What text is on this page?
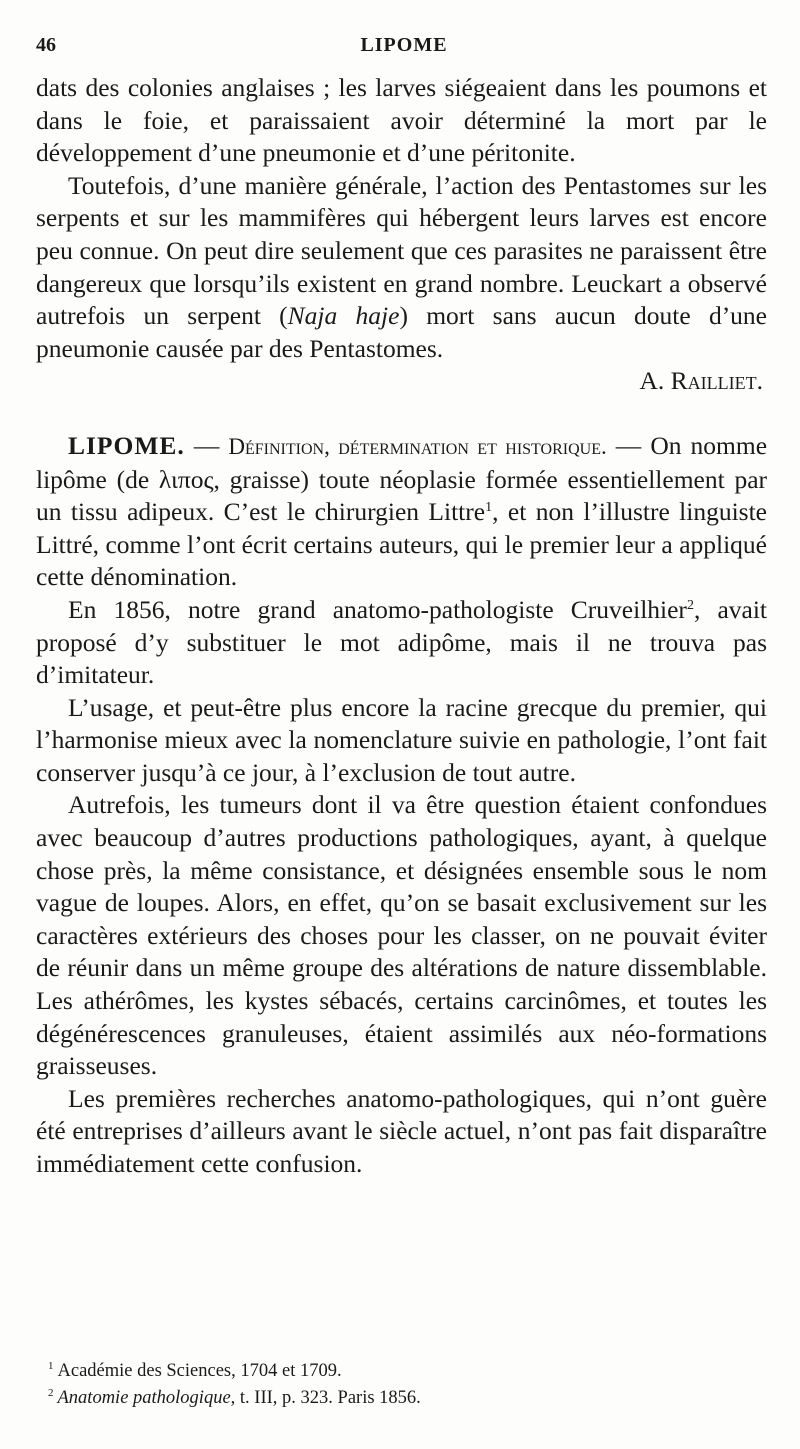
46	LIPOME

dats des colonies anglaises ; les larves siégeaient dans les poumons et dans le foie, et paraissaient avoir déterminé la mort par le développement d’une pneumonie et d’une péritonite.

Toutefois, d’une manière générale, l’action des Pentastomes sur les serpents et sur les mammifères qui hébergent leurs larves est encore peu connue. On peut dire seulement que ces parasites ne paraissent être dangereux que lorsqu’ils existent en grand nombre. Leuckart a observé autrefois un serpent (Naja haje) mort sans aucun doute d’une pneumonie causée par des Pentastomes.

A. Railliet.

LIPOME. — Définition, détermination et historique. — On nomme lipôme (de λιπος, graisse) toute néoplasie formée essentiellement par un tissu adipeux. C’est le chirurgien Littre$^1$, et non l’illustre linguiste Littré, comme l’ont écrit certains auteurs, qui le premier leur a appliqué cette dénomination.

En 1856, notre grand anatomo-pathologiste Cruveilhier$^2$, avait proposé d’y substituer le mot adipôme, mais il ne trouva pas d’imitateur.

L’usage, et peut-être plus encore la racine grecque du premier, qui l’harmonise mieux avec la nomenclature suivie en pathologie, l’ont fait conserver jusqu’à ce jour, à l’exclusion de tout autre.

Autrefois, les tumeurs dont il va être question étaient confondues avec beaucoup d’autres productions pathologiques, ayant, à quelque chose près, la même consistance, et désignées ensemble sous le nom vague de loupes. Alors, en effet, qu’on se basait exclusivement sur les caractères extérieurs des choses pour les classer, on ne pouvait éviter de réunir dans un même groupe des altérations de nature dissemblable. Les athérômes, les kystes sébacés, certains carcinômes, et toutes les dégénérescences granuleuses, étaient assimilés aux néo-formations graisseuses.

Les premières recherches anatomo-pathologiques, qui n’ont guère été entreprises d’ailleurs avant le siècle actuel, n’ont pas fait disparaître immédiatement cette confusion.

$^1$ Académie des Sciences, 1704 et 1709.

$^2$ Anatomie pathologique, t. III, p. 323. Paris 1856.
